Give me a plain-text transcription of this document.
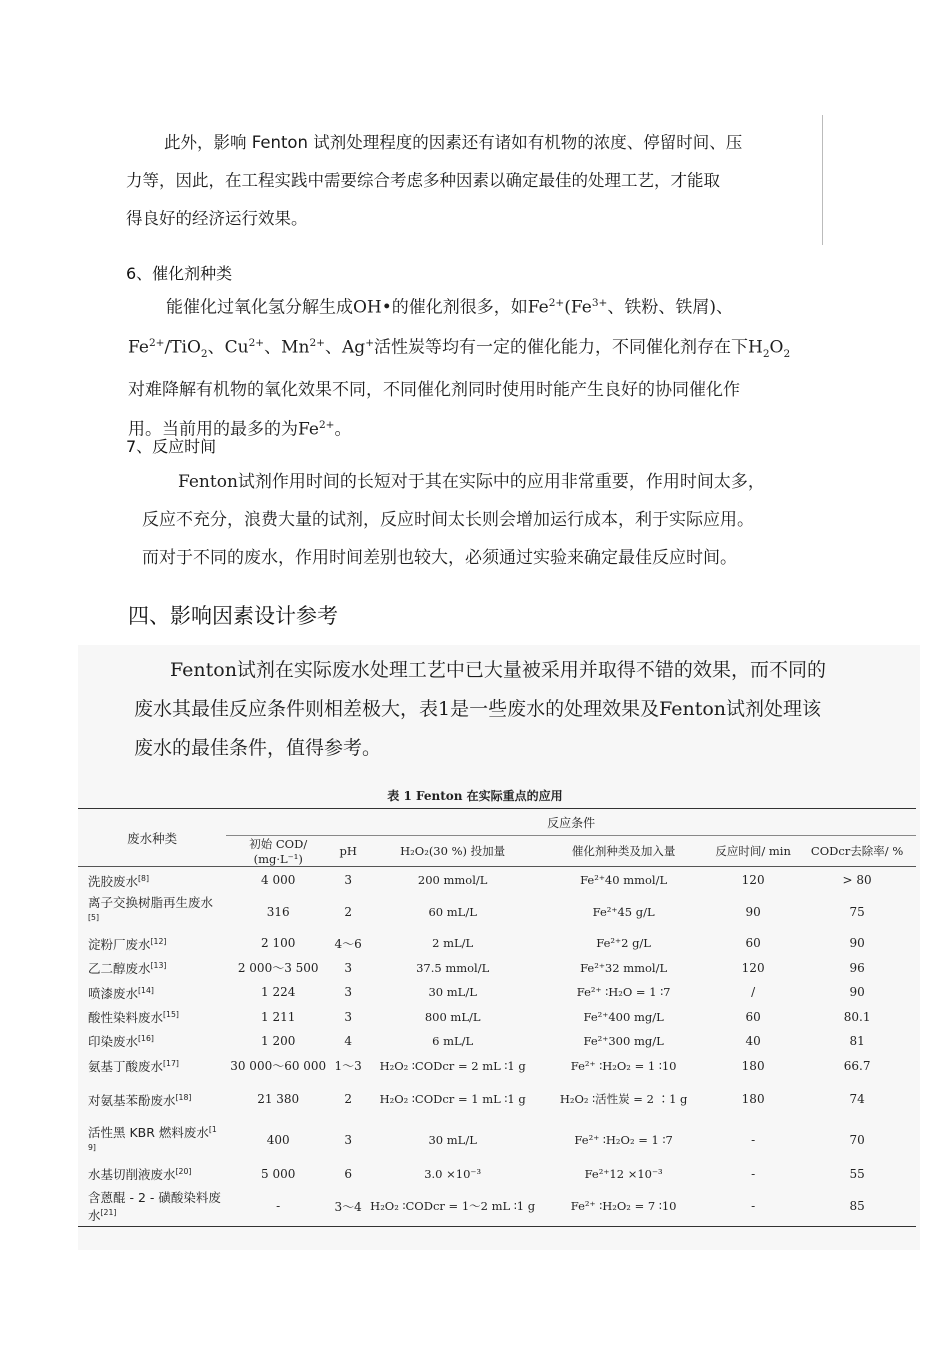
此外，影响 Fenton 试剂处理程度的因素还有诸如有机物的浓度、停留时间、压
力等，因此，在工程实践中需要综合考虑多种因素以确定最佳的处理工艺，才能取
得良好的经济运行效果。
6、催化剂种类
能催化过氧化氢分解生成OH•的催化剂很多，如$Fe^{2+}(Fe^{3+}$、铁粉、铁屑)、
$Fe^{2+}/TiO_2$、$Cu^{2+}$、$Mn^{2+}$、Ag+活性炭等均有一定的催化能力，不同催化剂存在下$H_2O_2$
对难降解有机物的氧化效果不同，不同催化剂同时使用时能产生良好的协同催化作
用。当前用的最多的为$Fe^{2+}$。
7、反应时间
Fenton试剂作用时间的长短对于其在实际中的应用非常重要，作用时间太多，
反应不充分，浪费大量的试剂，反应时间太长则会增加运行成本，利于实际应用。
而对于不同的废水，作用时间差别也较大，必须通过实验来确定最佳反应时间。
四、影响因素设计参考
Fenton试剂在实际废水处理工艺中已大量被采用并取得不错的效果，而不同的
废水其最佳反应条件则相差极大，表1是一些废水的处理效果及Fenton试剂处理该
废水的最佳条件，值得参考。
表 1 Fenton 在实际重点的应用
废水种类	反应条件					
	初始 COD/ (mg·L⁻¹)	pH	H₂O₂(30 %) 投加量	催化剂种类及加入量	反应时间/ min	CODcr去除率/ %
洗胶废水[8]	4 000	3	200 mmol/L	Fe²⁺40 mmol/L	120	> 80
离子交换树脂再生废水[5]	316	2	60 mL/L	Fe²⁺45 g/L	90	75
淀粉厂废水[12]	2 100	4～6	2 mL/L	Fe²⁺2 g/L	60	90
乙二醇废水[13]	2 000～3 500	3	37.5 mmol/L	Fe²⁺32 mmol/L	120	96
喷漆废水[14]	1 224	3	30 mL/L	Fe²⁺ ∶H₂O = 1 ∶7	/	90
酸性染料废水[15]	1 211	3	800 mL/L	Fe²⁺400 mg/L	60	80.1
印染废水[16]	1 200	4	6 mL/L	Fe²⁺300 mg/L	40	81
氨基丁酸废水[17]	30 000～60 000	1～3	H₂O₂ ∶CODcr = 2 mL ∶1 g	Fe²⁺ ∶H₂O₂ = 1 ∶10	180	66.7
对氨基苯酚废水[18]	21 380	2	H₂O₂ ∶CODcr = 1 mL ∶1 g	H₂O₂ ∶活性炭 = 2 ∶1 g	180	74
活性黑 KBR 燃料废水[19]	400	3	30 mL/L	Fe²⁺ ∶H₂O₂ = 1 ∶7	-	70
水基切削液废水[20]	5 000	6	3.0 ×10⁻³	Fe²⁺12 ×10⁻³	-	55
含蒽醌 - 2 - 磺酸染料废水[21]	-	3～4	H₂O₂ ∶CODcr = 1～2 mL ∶1 g	Fe²⁺ ∶H₂O₂ = 7 ∶10	-	85
